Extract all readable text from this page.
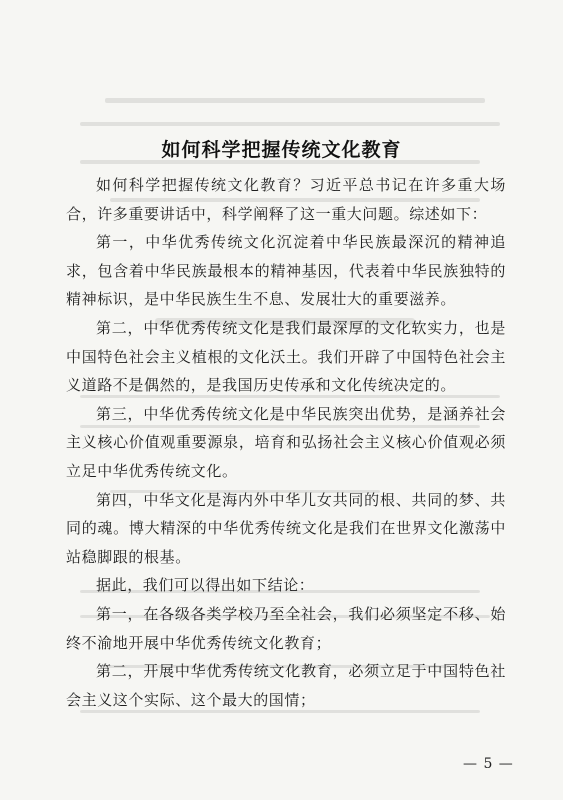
如何科学把握传统文化教育

如何科学把握传统文化教育？习近平总书记在许多重大场合，许多重要讲话中，科学阐释了这一重大问题。综述如下：

第一，中华优秀传统文化沉淀着中华民族最深沉的精神追求，包含着中华民族最根本的精神基因，代表着中华民族独特的精神标识，是中华民族生生不息、发展壮大的重要滋养。

第二，中华优秀传统文化是我们最深厚的文化软实力，也是中国特色社会主义植根的文化沃土。我们开辟了中国特色社会主义道路不是偶然的，是我国历史传承和文化传统决定的。

第三，中华优秀传统文化是中华民族突出优势，是涵养社会主义核心价值观重要源泉，培育和弘扬社会主义核心价值观必须立足中华优秀传统文化。

第四，中华文化是海内外中华儿女共同的根、共同的梦、共同的魂。博大精深的中华优秀传统文化是我们在世界文化激荡中站稳脚跟的根基。

据此，我们可以得出如下结论：

第一，在各级各类学校乃至全社会，我们必须坚定不移、始终不渝地开展中华优秀传统文化教育；

第二，开展中华优秀传统文化教育，必须立足于中国特色社会主义这个实际、这个最大的国情；

— 5 —
